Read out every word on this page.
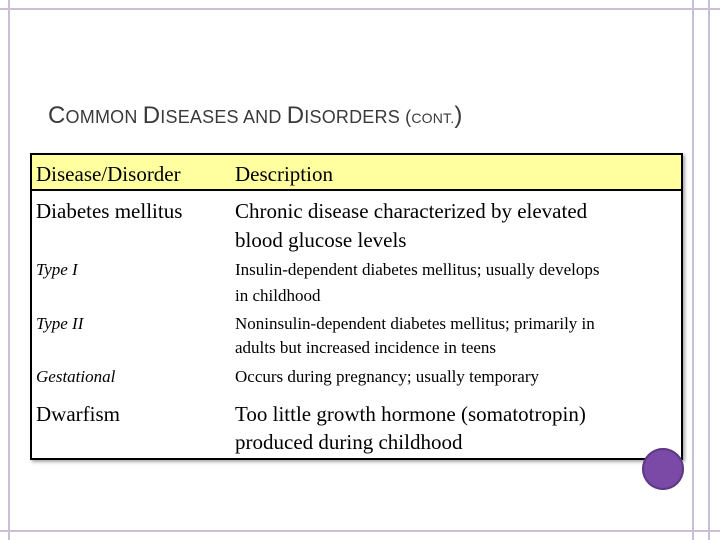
COMMON DISEASES AND DISORDERS (CONT.)
Disease/Disorder	Description
Diabetes mellitus	Chronic disease characterized by elevated
blood glucose levels
Type I	Insulin-dependent diabetes mellitus; usually develops
in childhood
Type II	Noninsulin-dependent diabetes mellitus; primarily in
adults but increased incidence in teens
Gestational	Occurs during pregnancy; usually temporary
Dwarfism	Too little growth hormone (somatotropin)
produced during childhood
